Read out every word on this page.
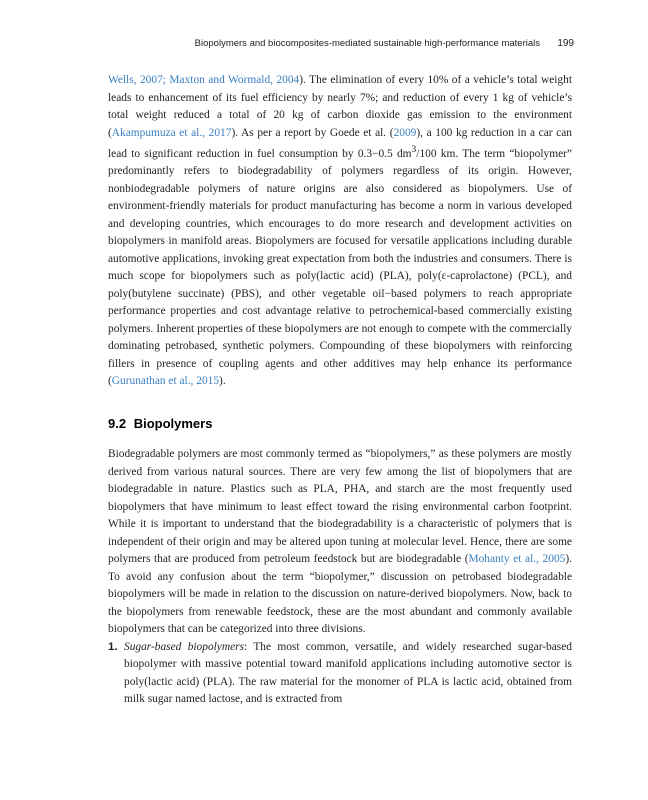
Biopolymers and biocomposites-mediated sustainable high-performance materials 199

Wells, 2007; Maxton and Wormald, 2004). The elimination of every 10% of a vehicle’s total weight leads to enhancement of its fuel efficiency by nearly 7%; and reduction of every 1 kg of vehicle’s total weight reduced a total of 20 kg of carbon dioxide gas emission to the environment (Akampumuza et al., 2017). As per a report by Goede et al. (2009), a 100 kg reduction in a car can lead to significant reduction in fuel consumption by 0.3−0.5 $dm^3/100$ km. The term “biopolymer” predominantly refers to biodegradability of polymers regardless of its origin. However, nonbiodegradable polymers of nature origins are also considered as biopolymers. Use of environment-friendly materials for product manufacturing has become a norm in various developed and developing countries, which encourages to do more research and development activities on biopolymers in manifold areas. Biopolymers are focused for versatile applications including durable automotive applications, invoking great expectation from both the industries and consumers. There is much scope for biopolymers such as poly(lactic acid) (PLA), poly(ε-caprolactone) (PCL), and poly(butylene succinate) (PBS), and other vegetable oil−based polymers to reach appropriate performance properties and cost advantage relative to petrochemical-based commercially existing polymers. Inherent properties of these biopolymers are not enough to compete with the commercially dominating petrobased, synthetic polymers. Compounding of these biopolymers with reinforcing fillers in presence of coupling agents and other additives may help enhance its performance (Gurunathan et al., 2015).

9.2 Biopolymers

Biodegradable polymers are most commonly termed as “biopolymers,” as these polymers are mostly derived from various natural sources. There are very few among the list of biopolymers that are biodegradable in nature. Plastics such as PLA, PHA, and starch are the most frequently used biopolymers that have minimum to least effect toward the rising environmental carbon footprint. While it is important to understand that the biodegradability is a characteristic of polymers that is independent of their origin and may be altered upon tuning at molecular level. Hence, there are some polymers that are produced from petroleum feedstock but are biodegradable (Mohanty et al., 2005). To avoid any confusion about the term “biopolymer,” discussion on petrobased biodegradable biopolymers will be made in relation to the discussion on nature-derived biopolymers. Now, back to the biopolymers from renewable feedstock, these are the most abundant and commonly available biopolymers that can be categorized into three divisions.

1. Sugar-based biopolymers: The most common, versatile, and widely researched sugar-based biopolymer with massive potential toward manifold applications including automotive sector is poly(lactic acid) (PLA). The raw material for the monomer of PLA is lactic acid, obtained from milk sugar named lactose, and is extracted from
